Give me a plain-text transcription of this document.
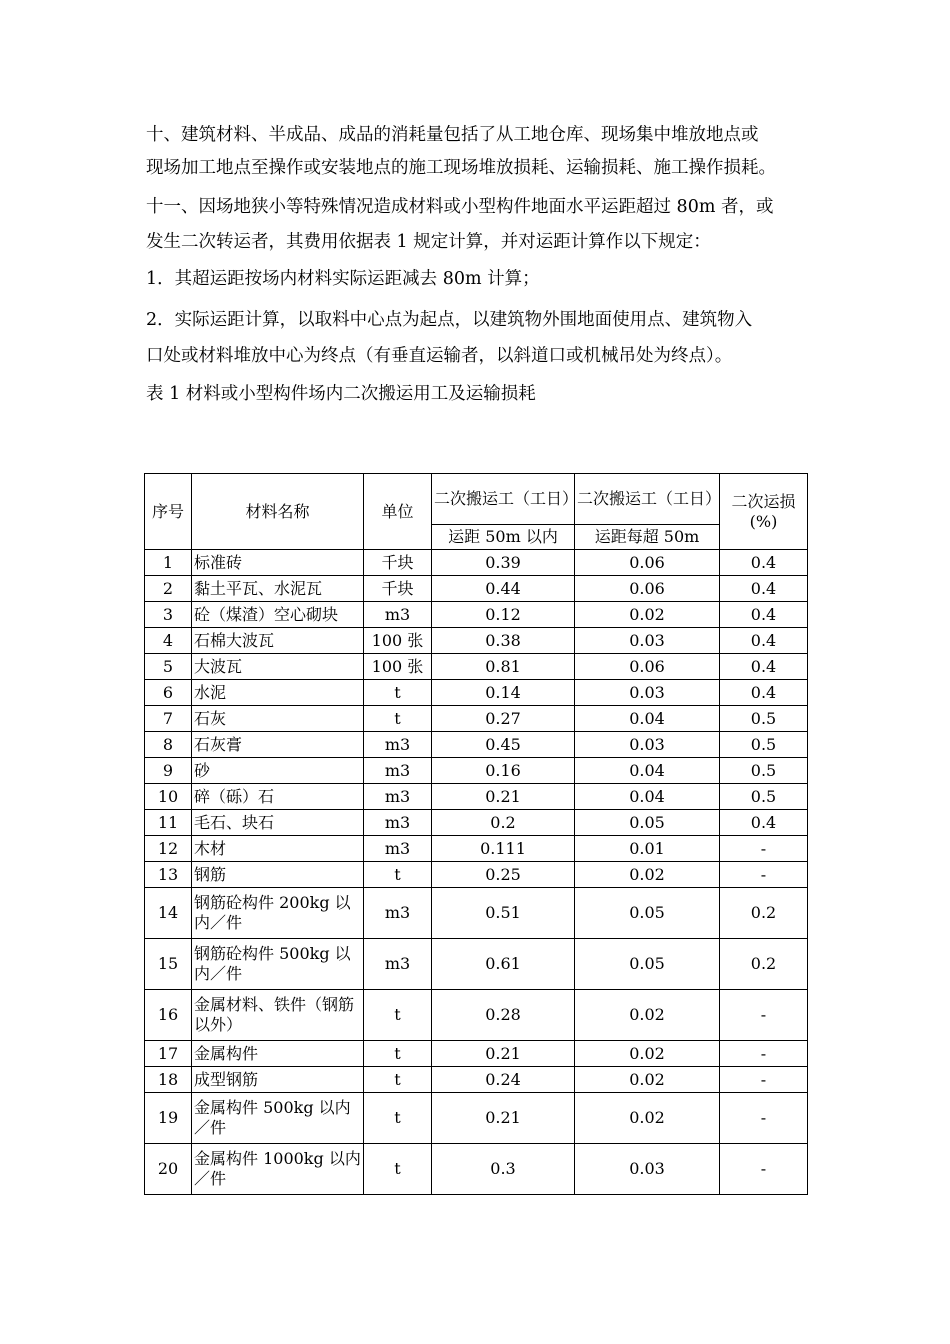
十、建筑材料、半成品、成品的消耗量包括了从工地仓库、现场集中堆放地点或
现场加工地点至操作或安装地点的施工现场堆放损耗、运输损耗、施工操作损耗。
十一、因场地狭小等特殊情况造成材料或小型构件地面水平运距超过 80m 者，或
发生二次转运者，其费用依据表 1 规定计算，并对运距计算作以下规定：
1．其超运距按场内材料实际运距减去 80m 计算；
2．实际运距计算，以取料中心点为起点，以建筑物外围地面使用点、建筑物入
口处或材料堆放中心为终点（有垂直运输者，以斜道口或机械吊处为终点）。
表 1 材料或小型构件场内二次搬运用工及运输损耗
序号	材料名称	单位	二次搬运工（工日）	二次搬运工（工日）	二次运损(%)
			运距 50m 以内	运距每超 50m	
1	标准砖	千块	0.39	0.06	0.4
2	黏土平瓦、水泥瓦	千块	0.44	0.06	0.4
3	砼（煤渣）空心砌块	m3	0.12	0.02	0.4
4	石棉大波瓦	100 张	0.38	0.03	0.4
5	大波瓦	100 张	0.81	0.06	0.4
6	水泥	t	0.14	0.03	0.4
7	石灰	t	0.27	0.04	0.5
8	石灰膏	m3	0.45	0.03	0.5
9	砂	m3	0.16	0.04	0.5
10	碎（砾）石	m3	0.21	0.04	0.5
11	毛石、块石	m3	0.2	0.05	0.4
12	木材	m3	0.111	0.01	-
13	钢筋	t	0.25	0.02	-
14	钢筋砼构件 200kg 以内／件	m3	0.51	0.05	0.2
15	钢筋砼构件 500kg 以内／件	m3	0.61	0.05	0.2
16	金属材料、铁件（钢筋以外）	t	0.28	0.02	-
17	金属构件	t	0.21	0.02	-
18	成型钢筋	t	0.24	0.02	-
19	金属构件 500kg 以内／件	t	0.21	0.02	-
20	金属构件 1000kg 以内／件	t	0.3	0.03	-
